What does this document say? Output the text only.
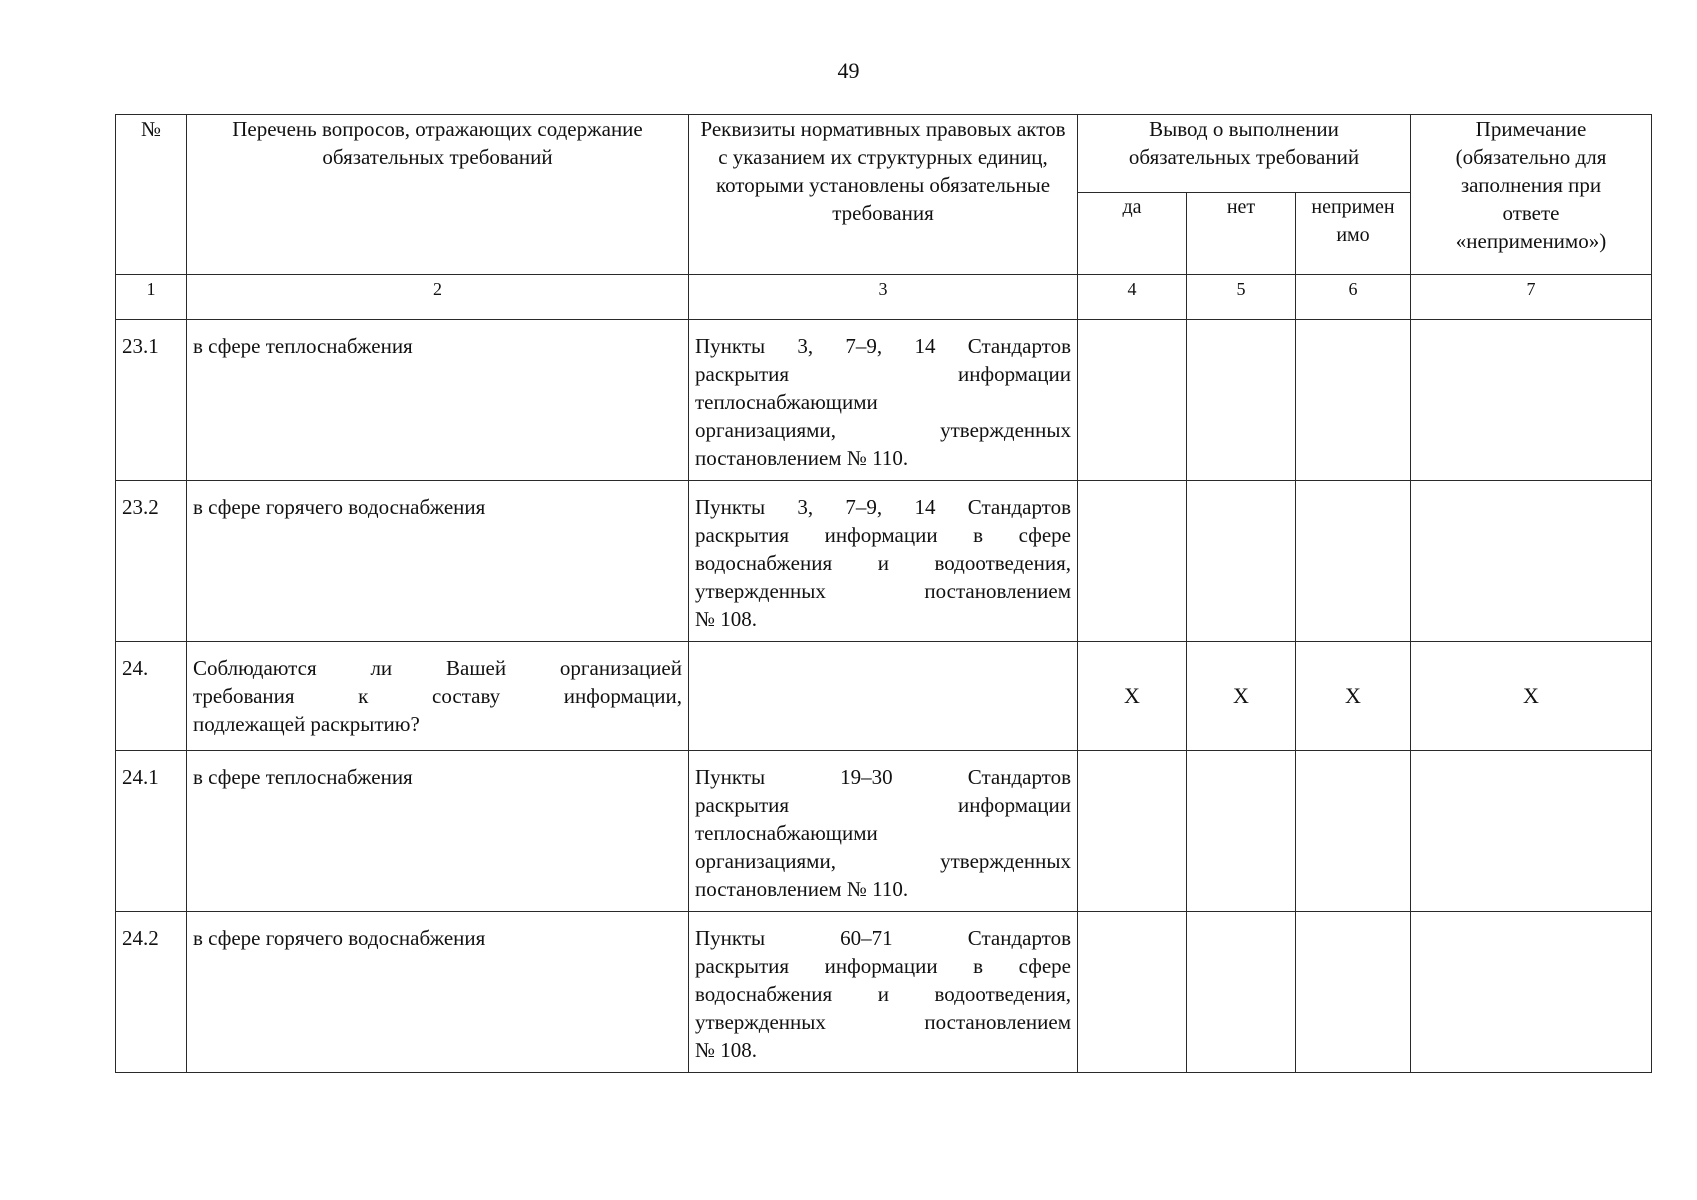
49
№	Перечень вопросов, отражающих содержание обязательных требований	Реквизиты нормативных правовых актов с указанием их структурных единиц, которыми установлены обязательные требования	Вывод о выполнении обязательных требований			Примечание (обязательно для заполнения при ответе «неприменимо»)
			да	нет	непримен
имо	

1	2	3	4	5	6	7
23.1	в сфере теплоснабжения	Пункты 3, 7–9, 14 Стандартов
раскрытия информации
теплоснабжающими
организациями, утвержденных
постановлением № 110.				

23.2	в сфере горячего водоснабжения	Пункты 3, 7–9, 14 Стандартов
раскрытия информации в сфере
водоснабжения и водоотведения,
утвержденных постановлением
№ 108.				

24.	Соблюдаются ли Вашей организацией
требования к составу информации,
подлежащей раскрытию?		X	X	X	X
24.1	в сфере теплоснабжения	Пункты 19–30 Стандартов
раскрытия информации
теплоснабжающими
организациями, утвержденных
постановлением № 110.				

24.2	в сфере горячего водоснабжения	Пункты 60–71 Стандартов
раскрытия информации в сфере
водоснабжения и водоотведения,
утвержденных постановлением
№ 108.				
